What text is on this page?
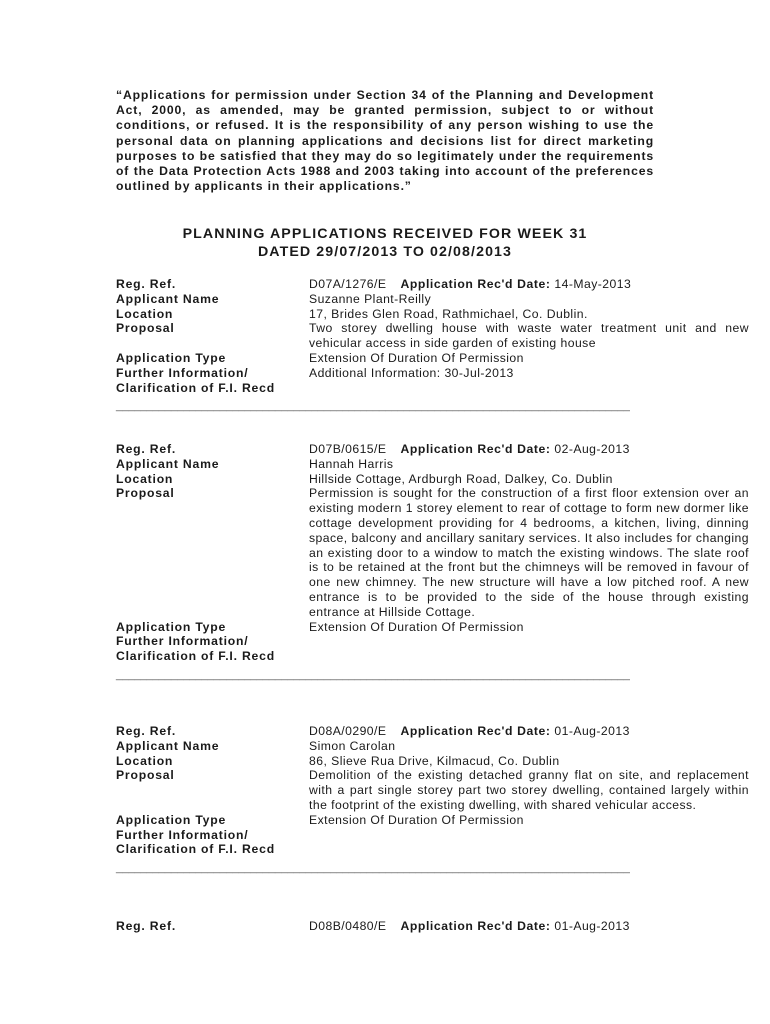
“Applications for permission under Section 34 of the Planning and Development Act, 2000, as amended, may be granted permission, subject to or without conditions, or refused. It is the responsibility of any person wishing to use the personal data on planning applications and decisions list for direct marketing purposes to be satisfied that they may do so legitimately under the requirements of the Data Protection Acts 1988 and 2003 taking into account of the preferences outlined by applicants in their applications.”

PLANNING APPLICATIONS RECEIVED FOR WEEK 31
DATED 29/07/2013 TO 02/08/2013
Reg. Ref.	D07A/1276/E Application Rec'd Date: 14-May-2013
Applicant Name	Suzanne Plant-Reilly
Location	17, Brides Glen Road, Rathmichael, Co. Dublin.
Proposal	Two storey dwelling house with waste water treatment unit and new vehicular access in side garden of existing house
Application Type	Extension Of Duration Of Permission
Further Information/	Additional Information: 30-Jul-2013
Clarification of F.I. Recd
____________________________________________________________________________________
Reg. Ref.	D07B/0615/E Application Rec'd Date: 02-Aug-2013
Applicant Name	Hannah Harris
Location	Hillside Cottage, Ardburgh Road, Dalkey, Co. Dublin
Proposal	Permission is sought for the construction of a first floor extension over an existing modern 1 storey element to rear of cottage to form new dormer like cottage development providing for 4 bedrooms, a kitchen, living, dinning space, balcony and ancillary sanitary services. It also includes for changing an existing door to a window to match the existing windows. The slate roof is to be retained at the front but the chimneys will be removed in favour of one new chimney. The new structure will have a low pitched roof. A new entrance is to be provided to the side of the house through existing entrance at Hillside Cottage.
Application Type	Extension Of Duration Of Permission
Further Information/
Clarification of F.I. Recd
____________________________________________________________________________________
Reg. Ref.	D08A/0290/E Application Rec'd Date: 01-Aug-2013
Applicant Name	Simon Carolan
Location	86, Slieve Rua Drive, Kilmacud, Co. Dublin
Proposal	Demolition of the existing detached granny flat on site, and replacement with a part single storey part two storey dwelling, contained largely within the footprint of the existing dwelling, with shared vehicular access.
Application Type	Extension Of Duration Of Permission
Further Information/
Clarification of F.I. Recd
____________________________________________________________________________________
Reg. Ref.	D08B/0480/E Application Rec'd Date: 01-Aug-2013
